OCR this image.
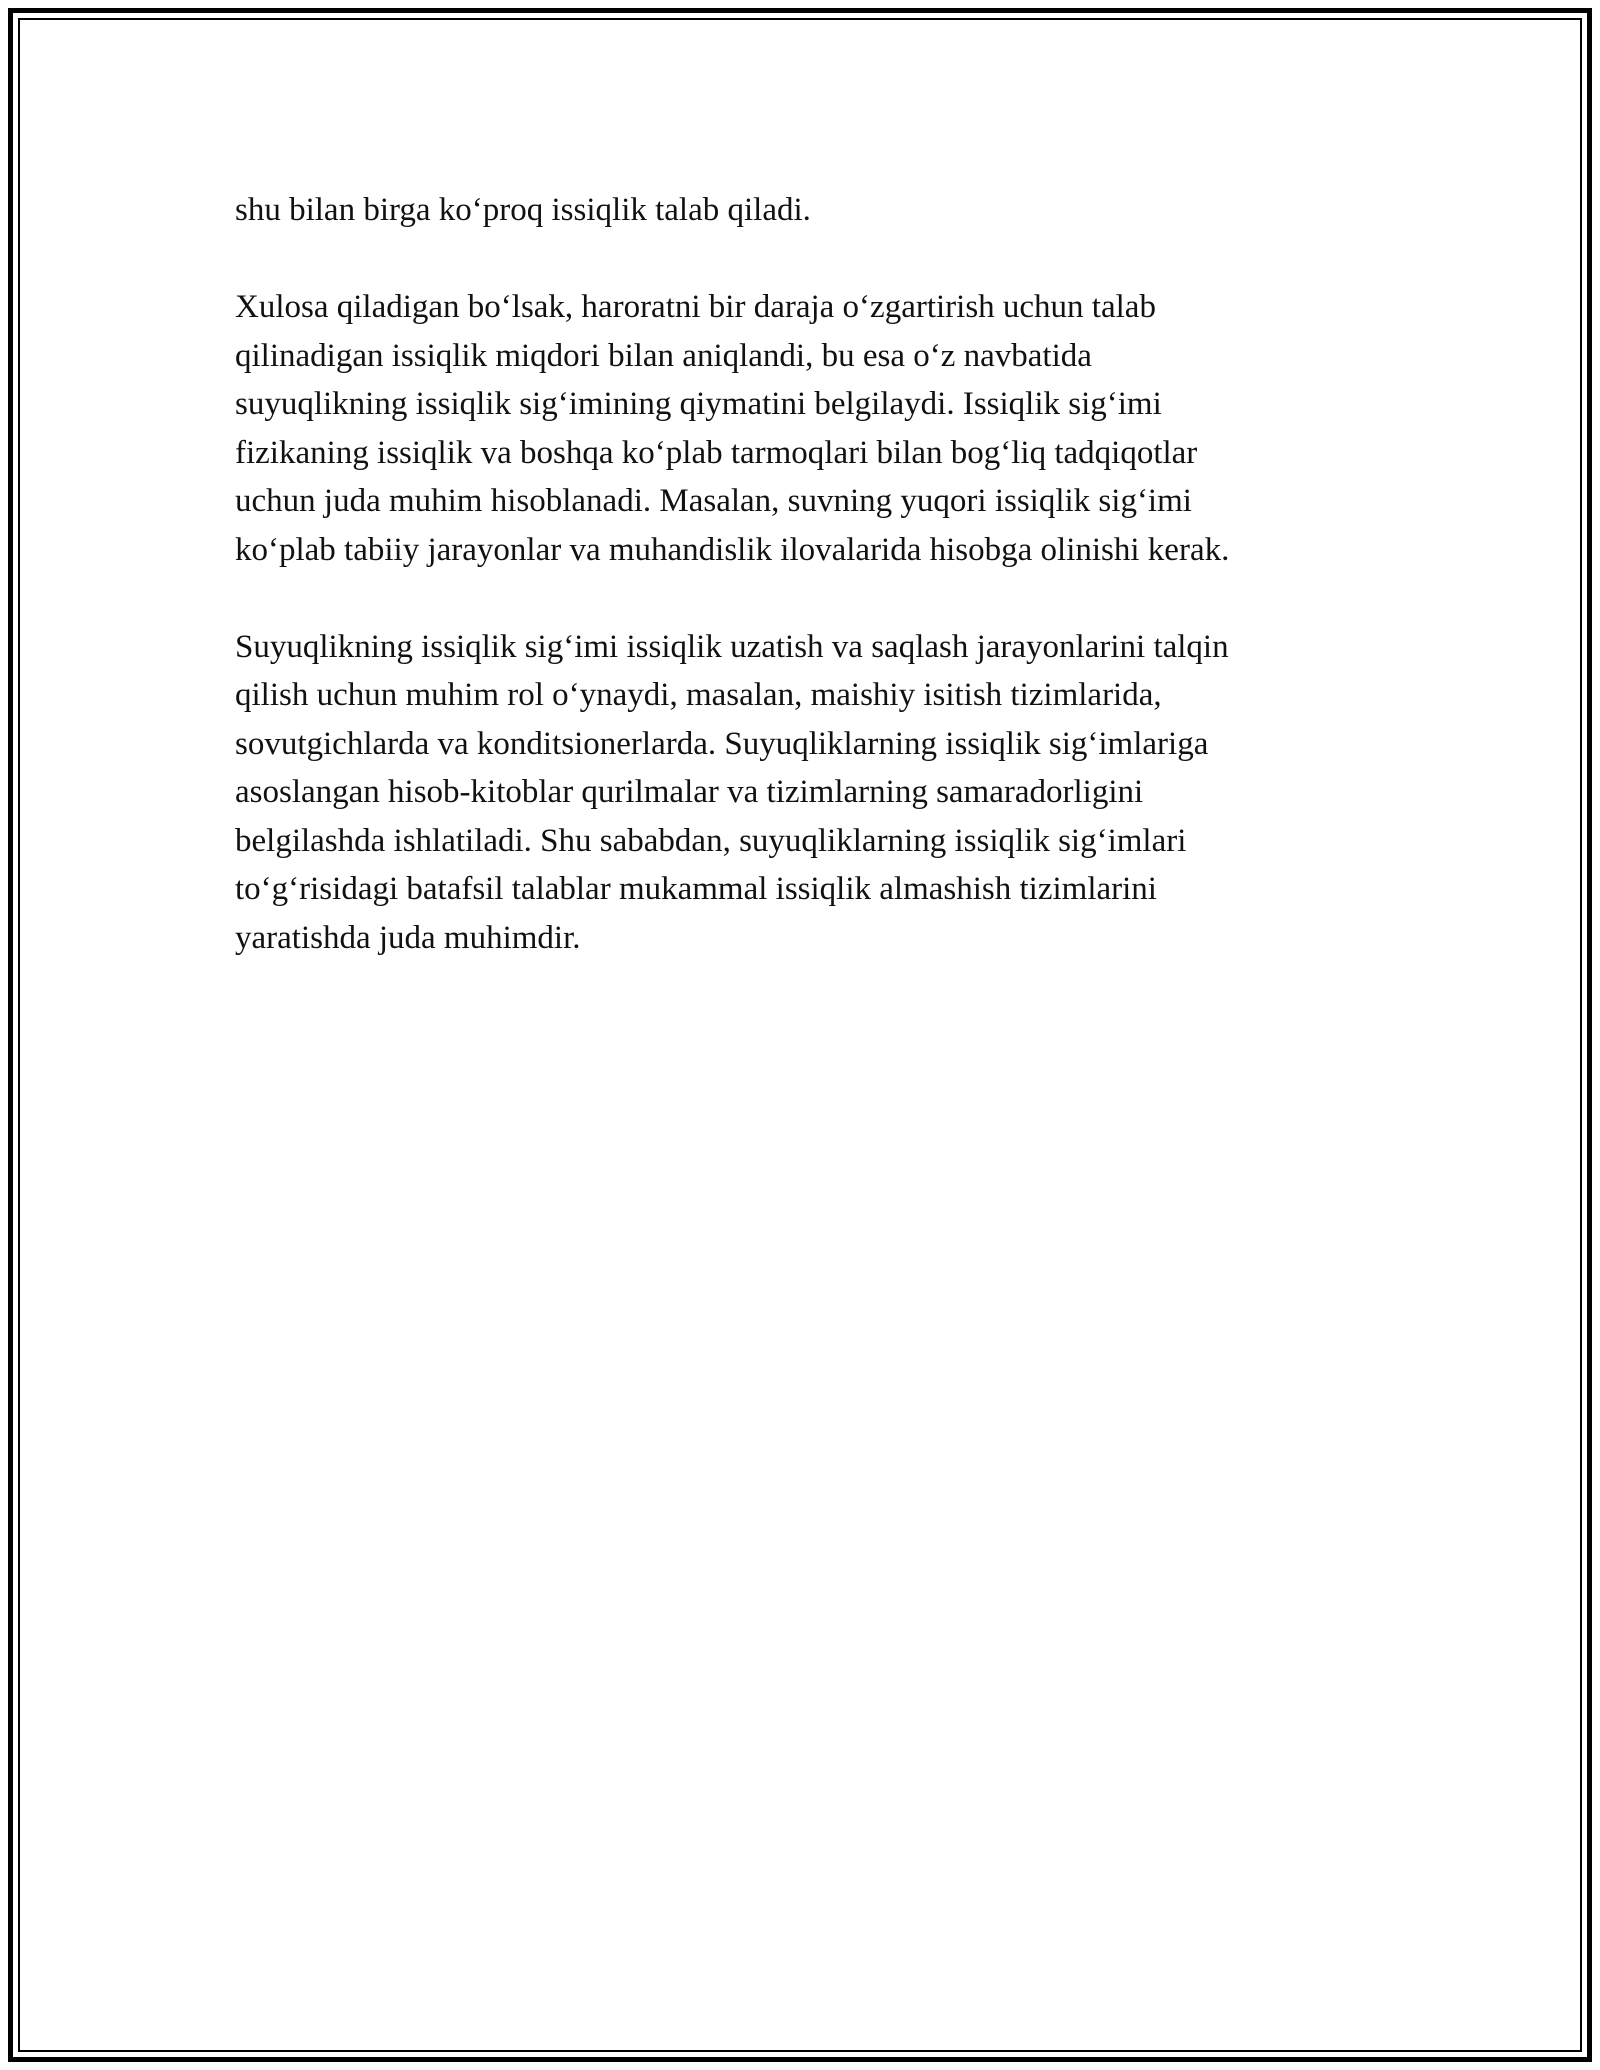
shu bilan birga ko‘proq issiqlik talab qiladi.
Xulosa qiladigan bo‘lsak, haroratni bir daraja o‘zgartirish uchun talab
qilinadigan issiqlik miqdori bilan aniqlandi, bu esa o‘z navbatida
suyuqlikning issiqlik sig‘imining qiymatini belgilaydi. Issiqlik sig‘imi
fizikaning issiqlik va boshqa ko‘plab tarmoqlari bilan bog‘liq tadqiqotlar
uchun juda muhim hisoblanadi. Masalan, suvning yuqori issiqlik sig‘imi
ko‘plab tabiiy jarayonlar va muhandislik ilovalarida hisobga olinishi kerak.
Suyuqlikning issiqlik sig‘imi issiqlik uzatish va saqlash jarayonlarini talqin
qilish uchun muhim rol o‘ynaydi, masalan, maishiy isitish tizimlarida,
sovutgichlarda va konditsionerlarda. Suyuqliklarning issiqlik sig‘imlariga
asoslangan hisob-kitoblar qurilmalar va tizimlarning samaradorligini
belgilashda ishlatiladi. Shu sababdan, suyuqliklarning issiqlik sig‘imlari
to‘g‘risidagi batafsil talablar mukammal issiqlik almashish tizimlarini
yaratishda juda muhimdir.
